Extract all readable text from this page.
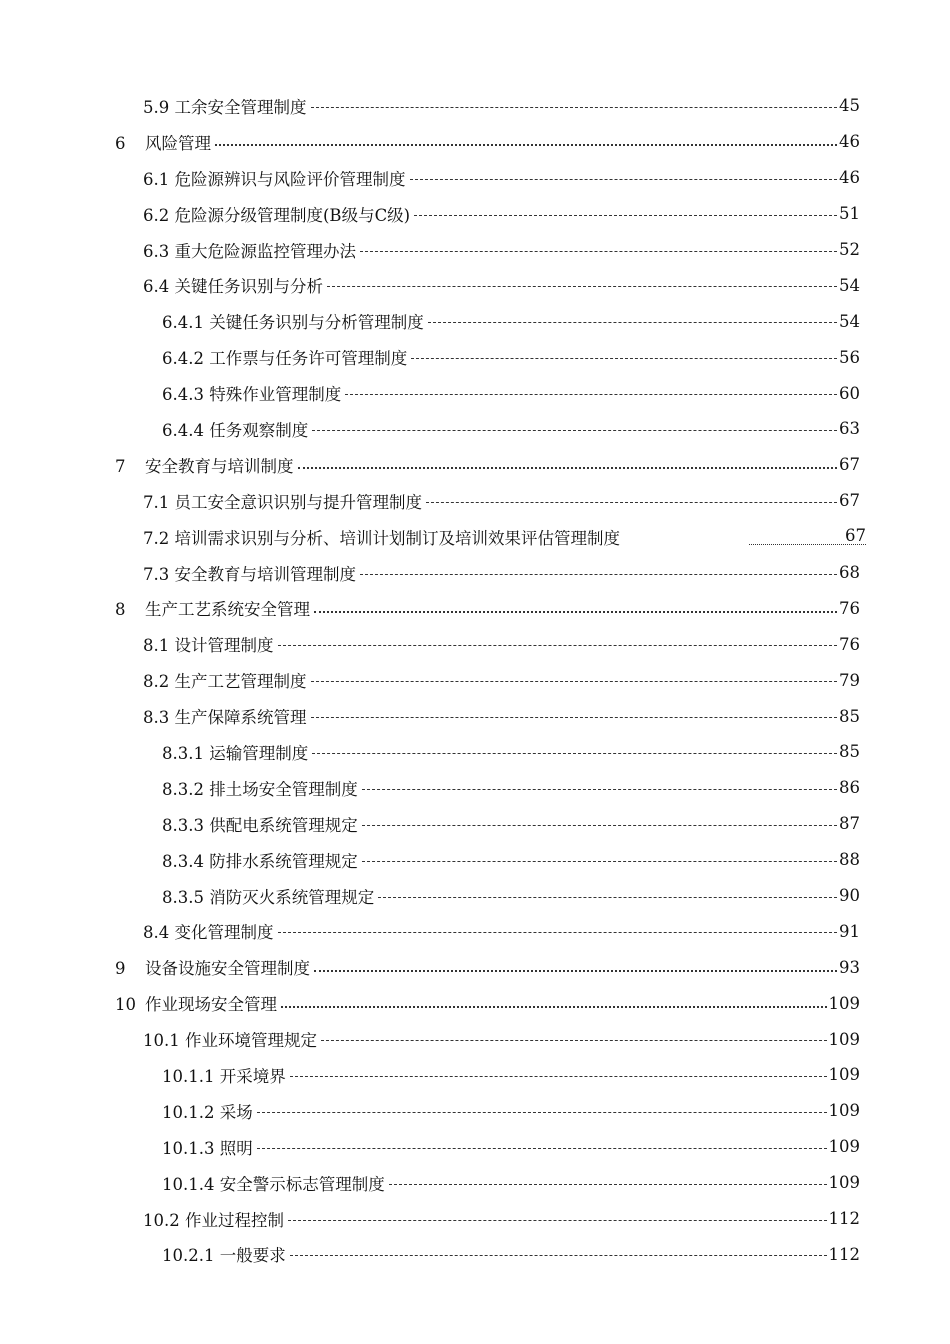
5.9 工余安全管理制度	45
6 风险管理	46
6.1 危险源辨识与风险评价管理制度	46
6.2 危险源分级管理制度(B级与C级)	51
6.3 重大危险源监控管理办法	52
6.4 关键任务识别与分析	54
6.4.1 关键任务识别与分析管理制度	54
6.4.2 工作票与任务许可管理制度	56
6.4.3 特殊作业管理制度	60
6.4.4 任务观察制度	63
7 安全教育与培训制度	67
7.1 员工安全意识识别与提升管理制度	67
7.2 培训需求识别与分析、培训计划制订及培训效果评估管理制度	67
7.3 安全教育与培训管理制度	68
8 生产工艺系统安全管理	76
8.1 设计管理制度	76
8.2 生产工艺管理制度	79
8.3 生产保障系统管理	85
8.3.1 运输管理制度	85
8.3.2 排土场安全管理制度	86
8.3.3 供配电系统管理规定	87
8.3.4 防排水系统管理规定	88
8.3.5 消防灭火系统管理规定	90
8.4 变化管理制度	91
9 设备设施安全管理制度	93
10 作业现场安全管理	109
10.1 作业环境管理规定	109
10.1.1 开采境界	109
10.1.2 采场	109
10.1.3 照明	109
10.1.4 安全警示标志管理制度	109
10.2 作业过程控制	112
10.2.1 一般要求	112
